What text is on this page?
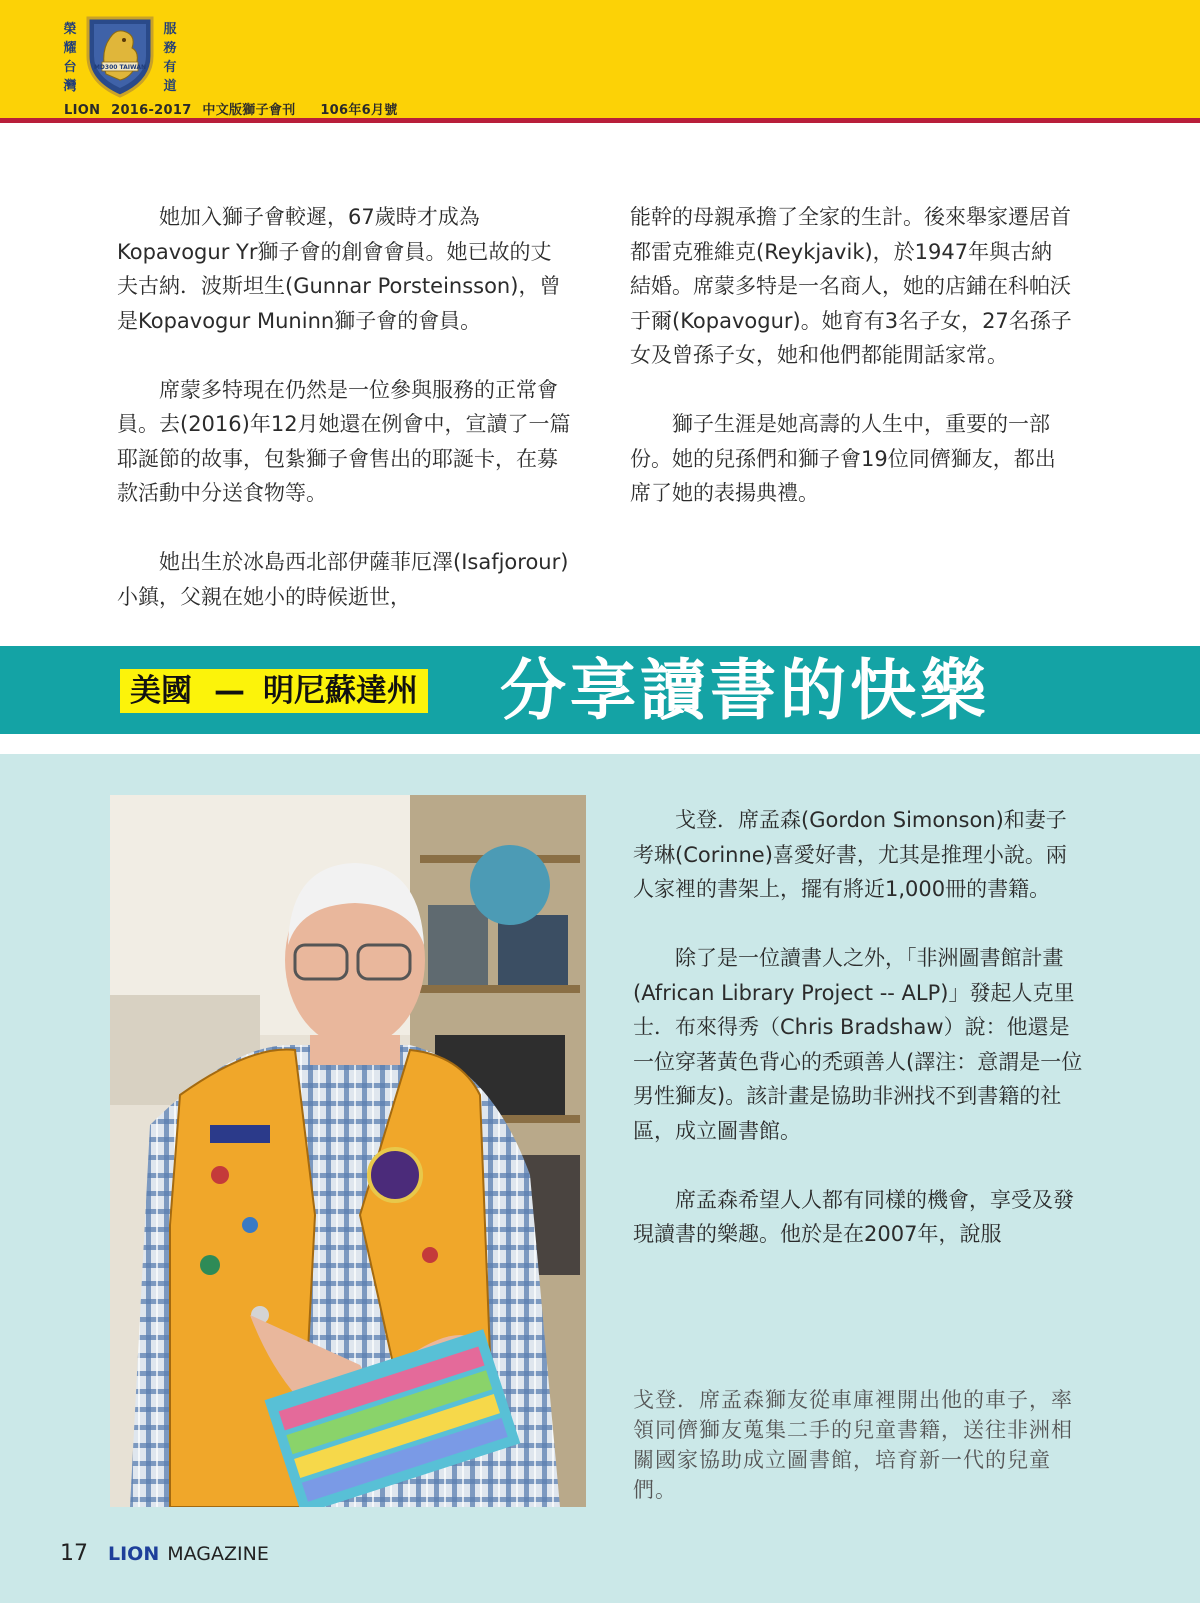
榮
耀
台
灣
MD300 TAIWAN
服
務
有
道
LION 2016-2017 中文版獅子會刊 106年6月號

她加入獅子會較遲，67歲時才成為Kopavogur Yr獅子會的創會會員。她已故的丈夫古納．波斯坦生(Gunnar Porsteinsson)，曾是Kopavogur Muninn獅子會的會員。

席蒙多特現在仍然是一位參與服務的正常會員。去(2016)年12月她還在例會中，宣讀了一篇耶誕節的故事，包紮獅子會售出的耶誕卡，在募款活動中分送食物等。

她出生於冰島西北部伊薩菲厄澤(Isafjorour)小鎮，父親在她小的時候逝世，

能幹的母親承擔了全家的生計。後來舉家遷居首都雷克雅維克(Reykjavik)，於1947年與古納結婚。席蒙多特是一名商人，她的店鋪在科帕沃于爾(Kopavogur)。她育有3名子女，27名孫子女及曾孫子女，她和他們都能閒話家常。

獅子生涯是她高壽的人生中，重要的一部份。她的兒孫們和獅子會19位同儕獅友，都出席了她的表揚典禮。

美國 — 明尼蘇達州 分享讀書的快樂

戈登．席孟森(Gordon Simonson)和妻子考琳(Corinne)喜愛好書，尤其是推理小說。兩人家裡的書架上，擺有將近1,000冊的書籍。

除了是一位讀書人之外，「非洲圖書館計畫(African Library Project -- ALP)」發起人克里士．布來得秀（Chris Bradshaw）說：他還是一位穿著黃色背心的禿頭善人(譯注：意謂是一位男性獅友)。該計畫是協助非洲找不到書籍的社區，成立圖書館。

席孟森希望人人都有同樣的機會，享受及發現讀書的樂趣。他於是在2007年，說服

戈登．席孟森獅友從車庫裡開出他的車子，率領同儕獅友蒐集二手的兒童書籍，送往非洲相關國家協助成立圖書館，培育新一代的兒童們。
17 LION MAGAZINE
